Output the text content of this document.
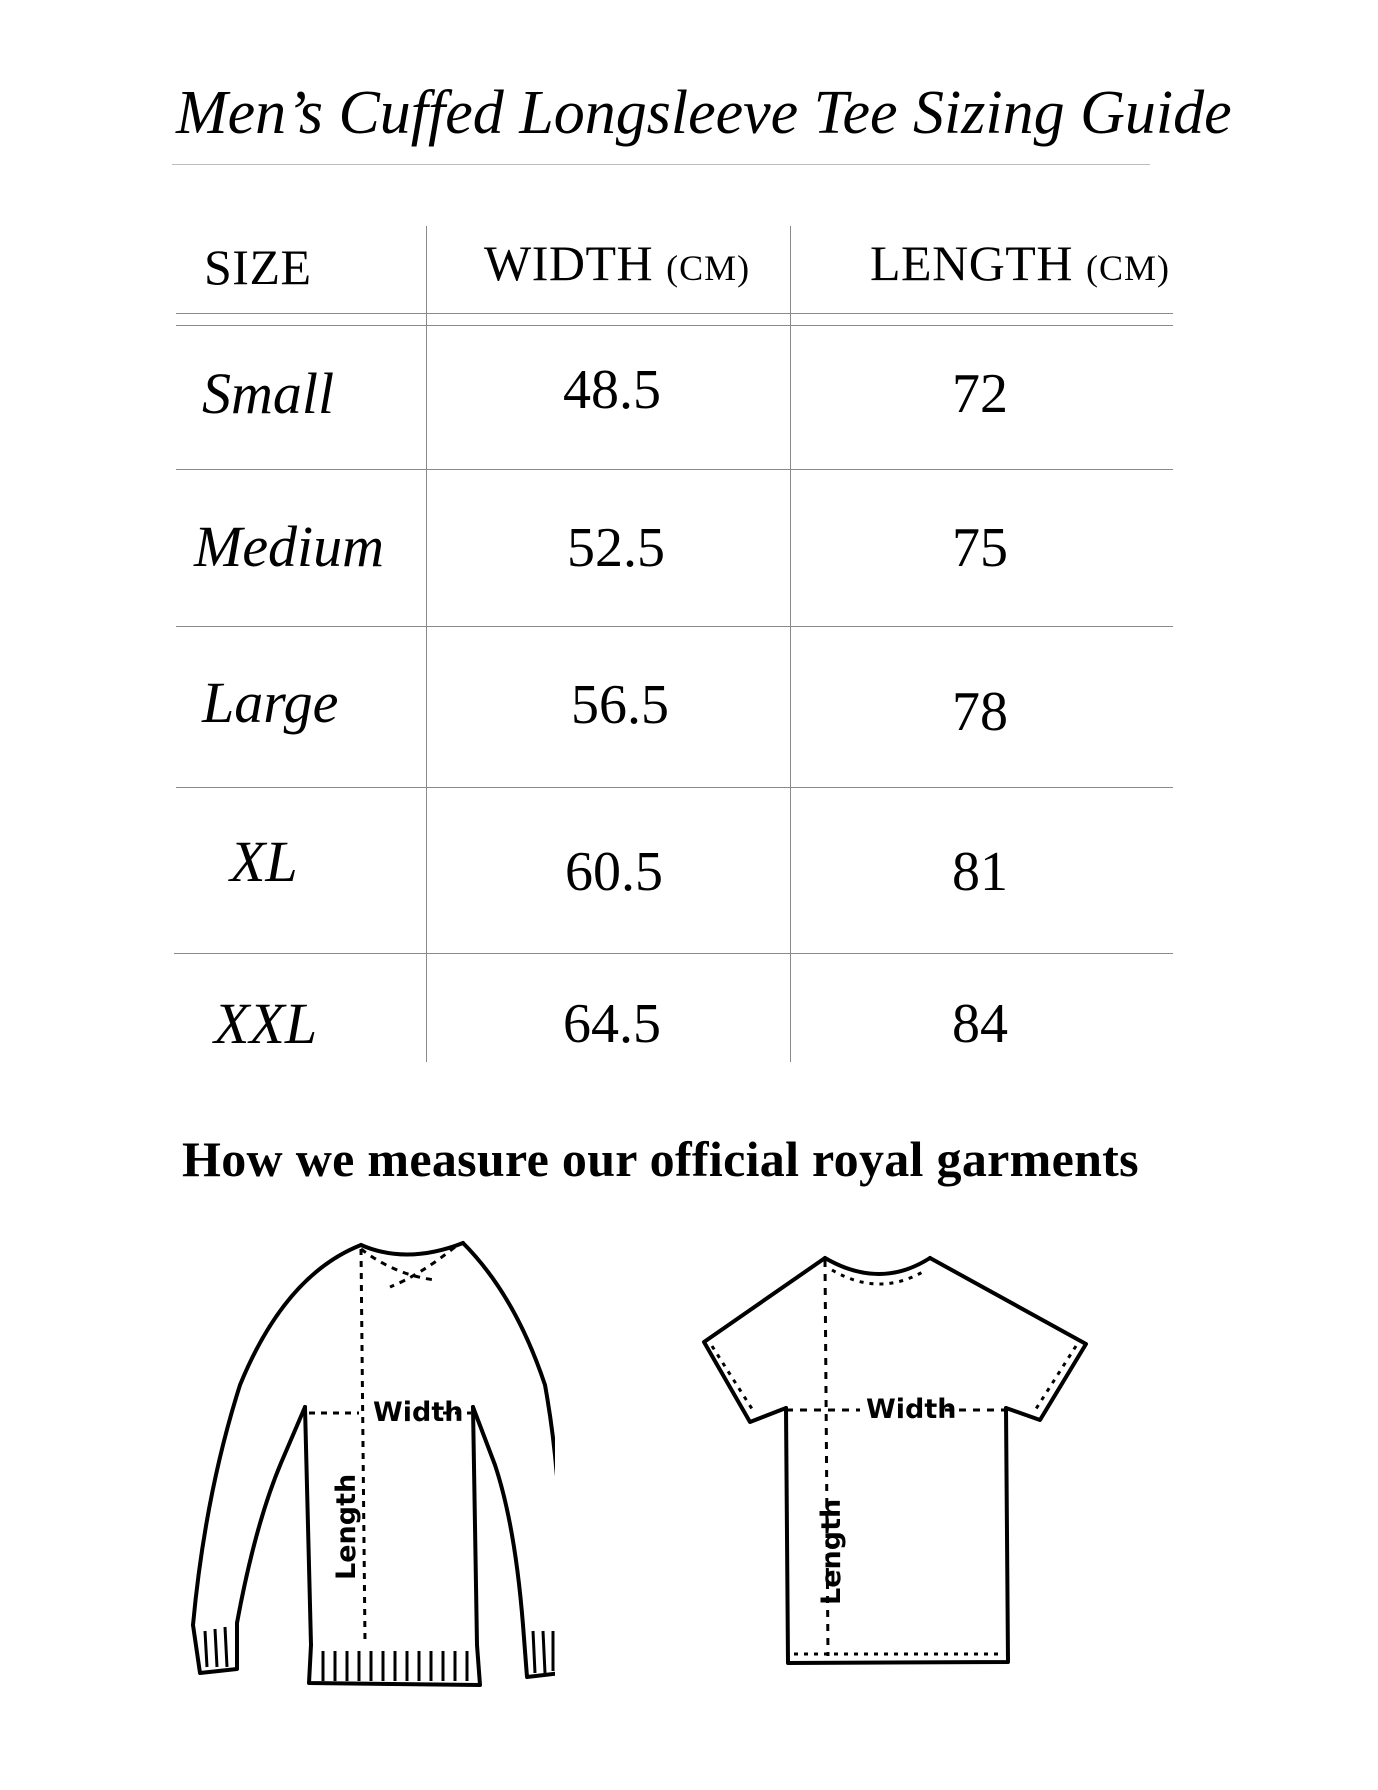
Men’s Cuffed Longsleeve Tee Sizing Guide
SIZE	WIDTH (CM) LENGTH (CM)
Small	48.5	72
Medium	52.5	75
Large	56.5	78
XL	60.5	81
XXL	64.5	84
How we measure our official royal garments
Width
Length
Width
Length
